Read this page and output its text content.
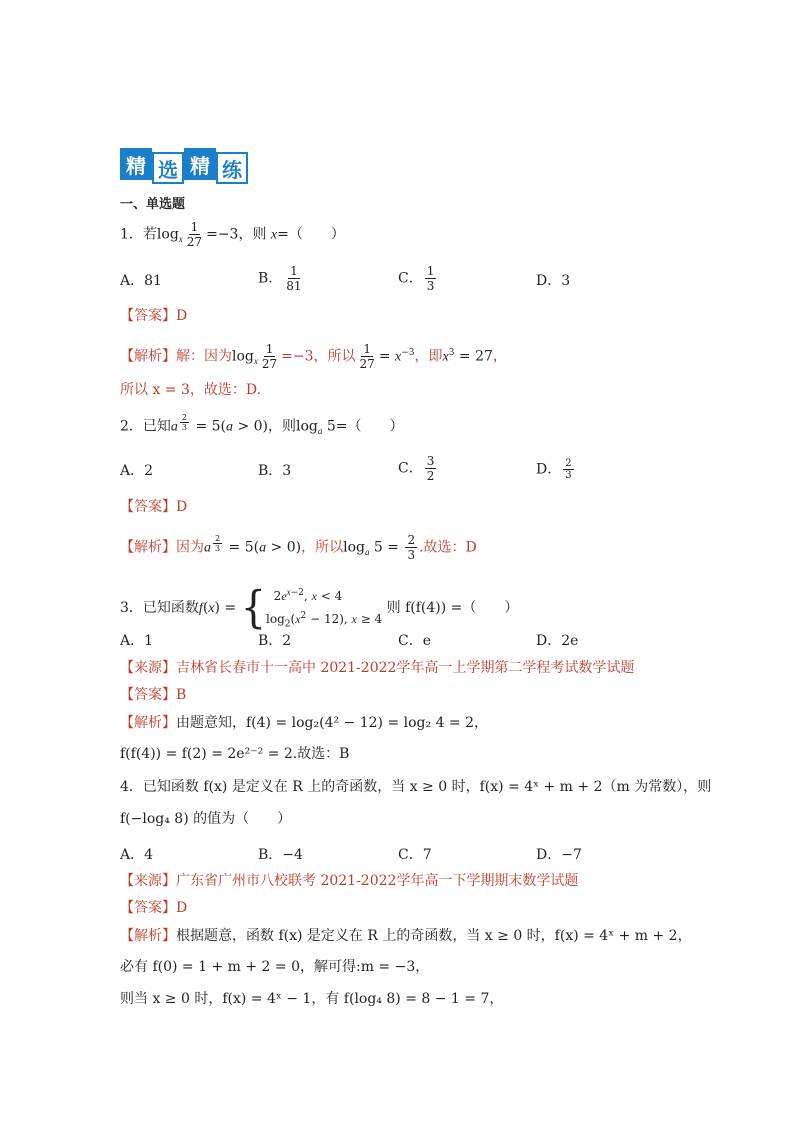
精 选 精 练
一、单选题
1．若$\log_x \frac{1}{27} =-3$，则 x=（　　）
A．81	B． $\frac{1}{81}$	C． $\frac{1}{3}$	D．3
【答案】D
【解析】解：因为$\log_x \frac{1}{27} =-3$，所以 $\frac{1}{27} = x^{-3}$，即$x^3 = 27$，
所以 x = 3，故选：D.
2．已知a $^{\frac{2}{3}}$ = 5(a > 0)，则$\log_a 5=$（　　）
A．2	B．3	C． $\frac{3}{2}$	D． $\frac{2}{3}$
【答案】D
【解析】因为a $^{\frac{2}{3}}$ = 5(a > 0)，所以$\log_a 5 = \frac{2}{3}$ .故选：D
3．已知函数f(x) = { $2e^{x-2}$, x < 4
$\log_2(x^2 - 12)$, x ≥ 4
则 f(f(4)) =（　　）
A．1	B．2	C．e	D．2e
【来源】吉林省长春市十一高中 2021-2022学年高一上学期第二学程考试数学试题
【答案】B
【解析】由题意知，f(4) = log₂(4² − 12) = log₂ 4 = 2，
f(f(4)) = f(2) = 2e²⁻² = 2.故选：B
4．已知函数 f(x) 是定义在 R 上的奇函数，当 x ≥ 0 时，f(x) = 4ˣ + m + 2（m 为常数），则
f(−log₄ 8) 的值为（　　）
A．4	B．−4	C．7	D．−7
【来源】广东省广州市八校联考 2021-2022学年高一下学期期末数学试题
【答案】D
【解析】根据题意，函数 f(x) 是定义在 R 上的奇函数，当 x ≥ 0 时，f(x) = 4ˣ + m + 2，
必有 f(0) = 1 + m + 2 = 0，解可得:m = −3，
则当 x ≥ 0 时，f(x) = 4ˣ − 1，有 f(log₄ 8) = 8 − 1 = 7，
